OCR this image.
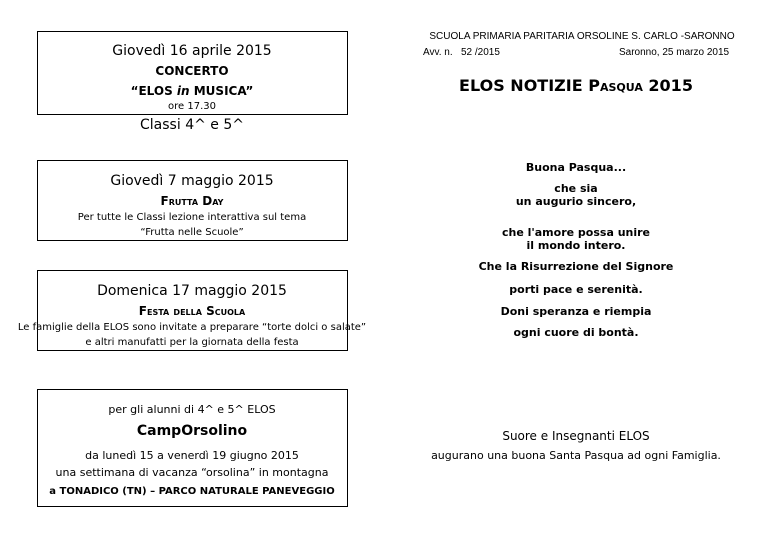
Giovedì 16 aprile 2015
CONCERTO
“ELOS in MUSICA”
ore 17.30
Classi 4^ e 5^
Giovedì 7 maggio 2015
Frutta Day
Per tutte le Classi lezione interattiva sul tema
“Frutta nelle Scuole”
Domenica 17 maggio 2015
Festa della Scuola
Le famiglie della ELOS sono invitate a preparare “torte dolci o salate”
e altri manufatti per la giornata della festa
per gli alunni di 4^ e 5^ ELOS
CampOrsolino
da lunedì 15 a venerdì 19 giugno 2015
una settimana di vacanza “orsolina” in montagna
a TONADICO (TN) – PARCO NATURALE PANEVEGGIO
SCUOLA PRIMARIA PARITARIA ORSOLINE S. CARLO -SARONNO
Avv. n. 52 /2015	Saronno, 25 marzo 2015
ELOS NOTIZIE Pasqua 2015
Buona Pasqua...
che sia
un augurio sincero,
che l'amore possa unire
il mondo intero.
Che la Risurrezione del Signore
porti pace e serenità.
Doni speranza e riempia
ogni cuore di bontà.
Suore e Insegnanti ELOS
augurano una buona Santa Pasqua ad ogni Famiglia.
